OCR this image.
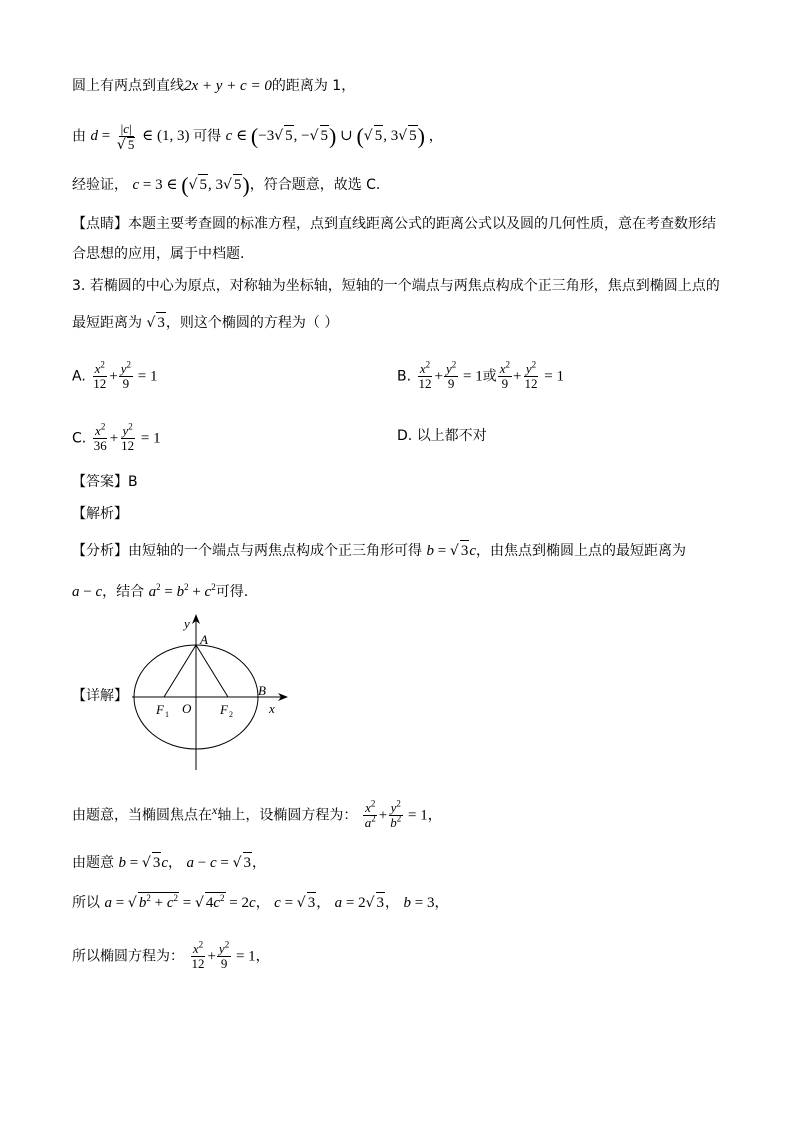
圆上有两点到直线2x + y + c = 0的距离为 1，
由 $d = \frac{|c|}{√ 5}$ ∈ (1, 3) 可得 c ∈ (−3√ 5, −√ 5) ∪ (√ 5, 3√ 5) ，
经验证， c = 3 ∈ (√ 5, 3√ 5)，符合题意，故选 C.
【点睛】本题主要考查圆的标准方程，点到直线距离公式的距离公式以及圆的几何性质，意在考查数形结
合思想的应用，属于中档题.
3. 若椭圆的中心为原点，对称轴为坐标轴，短轴的一个端点与两焦点构成个正三角形，焦点到椭圆上点的
最短距离为 √ 3，则这个椭圆的方程为（ ）
A. $\frac{x^2}{12} + \frac{y^2}{9} = 1$	B. $\frac{x^2}{12} + \frac{y^2}{9} = 1$或 $\frac{x^2}{9} + \frac{y^2}{12} = 1$
C. $\frac{x^2}{36} + \frac{y^2}{12} = 1$	D. 以上都不对
【答案】B
【解析】
【分析】由短轴的一个端点与两焦点构成个正三角形可得 b = √ 3c，由焦点到椭圆上点的最短距离为
a − c，结合 $a^2 = b^2 + c^2$可得.
【详解】
y
A
B
x
O
F 1	F 2
由题意，当椭圆焦点在x轴上，设椭圆方程为： $\frac{x^2}{a^2} + \frac{y^2}{b^2} = 1$，
由题意 b = √ 3c， a − c = √ 3，
所以 a = √ $b^2 + c^2$ = √ $4c^2 = 2c$， c = √ 3， a = 2√ 3， b = 3，
所以椭圆方程为： $\frac{x^2}{12} + \frac{y^2}{9} = 1$，
